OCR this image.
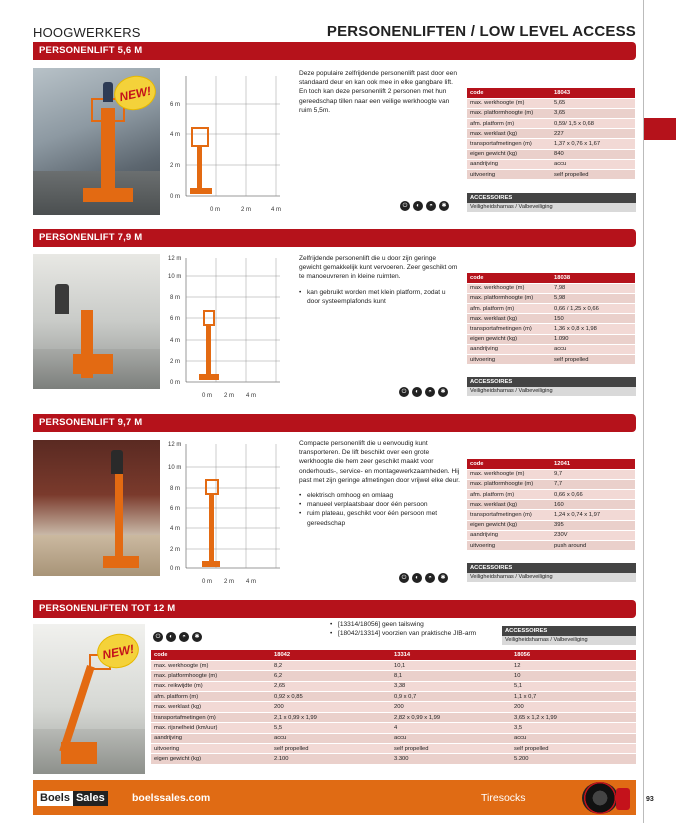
93
HOOGWERKERS	PERSONENLIFTEN / LOW LEVEL ACCESS
PERSONENLIFT 5,6 M
NEW!
6 m
4 m
2 m
0 m
0 m	2 m	4 m

Deze populaire zelfrijdende personenlift past door een standaard deur en kan ook mee in elke gangbare lift. En toch kan deze personenlift 2 personen met hun gereedschap tillen naar een veilige werkhoogte van ruim 5,5m.

code	18043
max. werkhoogte (m)	5,65
max. platformhoogte (m)	3,65
afm. platform (m)	0,59/ 1,5 x 0,68
max. werklast (kg)	227
transportafmetingen (m)	1,37 x 0,76 x 1,67
eigen gewicht (kg)	840
aandrijving	accu
uitvoering	self propelled
⏻	◐	◓	✱
ACCESSOIRES
Veiligheidsharnas / Valbeveiliging
PERSONENLIFT 7,9 M
12 m
10 m
8 m
6 m
4 m
2 m
0 m
0 m 2 m 4 m

Zelfrijdende personenlift die u door zijn geringe gewicht gemakkelijk kunt vervoeren. Zeer geschikt om te manoeuvreren in kleine ruimten.

• kan gebruikt worden met klein platform, zodat u door systeemplafonds kunt
code	18038
max. werkhoogte (m)	7,98
max. platformhoogte (m)	5,98
afm. platform (m)	0,66 / 1,25 x 0,66
max. werklast (kg)	150
transportafmetingen (m)	1,36 x 0,8 x 1,98
eigen gewicht (kg)	1.090
aandrijving	accu
uitvoering	self propelled
⏻	◐	◓	✱
ACCESSOIRES
Veiligheidsharnas / Valbeveiliging
PERSONENLIFT 9,7 M
12 m
10 m
8 m
6 m
4 m
2 m
0 m
0 m 2 m 4 m

Compacte personenlift die u eenvoudig kunt transporteren. De lift beschikt over een grote werkhoogte die hem zeer geschikt maakt voor onderhouds-, service- en montagewerkzaamheden. Hij past met zijn geringe afmetingen door vrijwel elke deur.

• elektrisch omhoog en omlaag
• manueel verplaatsbaar door één persoon
• ruim plateau, geschikt voor één persoon met gereedschap
code	12041
max. werkhoogte (m)	9,7
max. platformhoogte (m)	7,7
afm. platform (m)	0,66 x 0,66
max. werklast (kg)	160
transportafmetingen (m)	1,24 x 0,74 x 1,97
eigen gewicht (kg)	395
aandrijving	230V
uitvoering	push around
⏻	◐	◓	✱
ACCESSOIRES
Veiligheidsharnas / Valbeveiliging
PERSONENLIFTEN TOT 12 M
NEW!
⏻	◐	◓	✱
• [13314/18056] geen tailswing
• [18042/13314] voorzien van praktische JIB-arm	ACCESSOIRES
Veiligheidsharnas / Valbeveiliging
code	18042	13314	18056
max. werkhoogte (m)	8,2	10,1	12
max. platformhoogte (m)	6,2	8,1	10
max. reikwijdte (m)	2,65	3,38	5,1
afm. platform (m)	0,92 x 0,85	0,9 x 0,7	1,1 x 0,7
max. werklast (kg)	200	200	200
transportafmetingen (m)	2,1 x 0,99 x 1,99	2,82 x 0,99 x 1,99	3,65 x 1,2 x 1,99
max. rijsnelheid (km/uur)	5,5	4	3,5
aandrijving	accu	accu	accu
uitvoering	self propelled	self propelled	self propelled
eigen gewicht (kg)	2.100	3.300	5.200
Boels Sales	boelssales.com	Tiresocks
